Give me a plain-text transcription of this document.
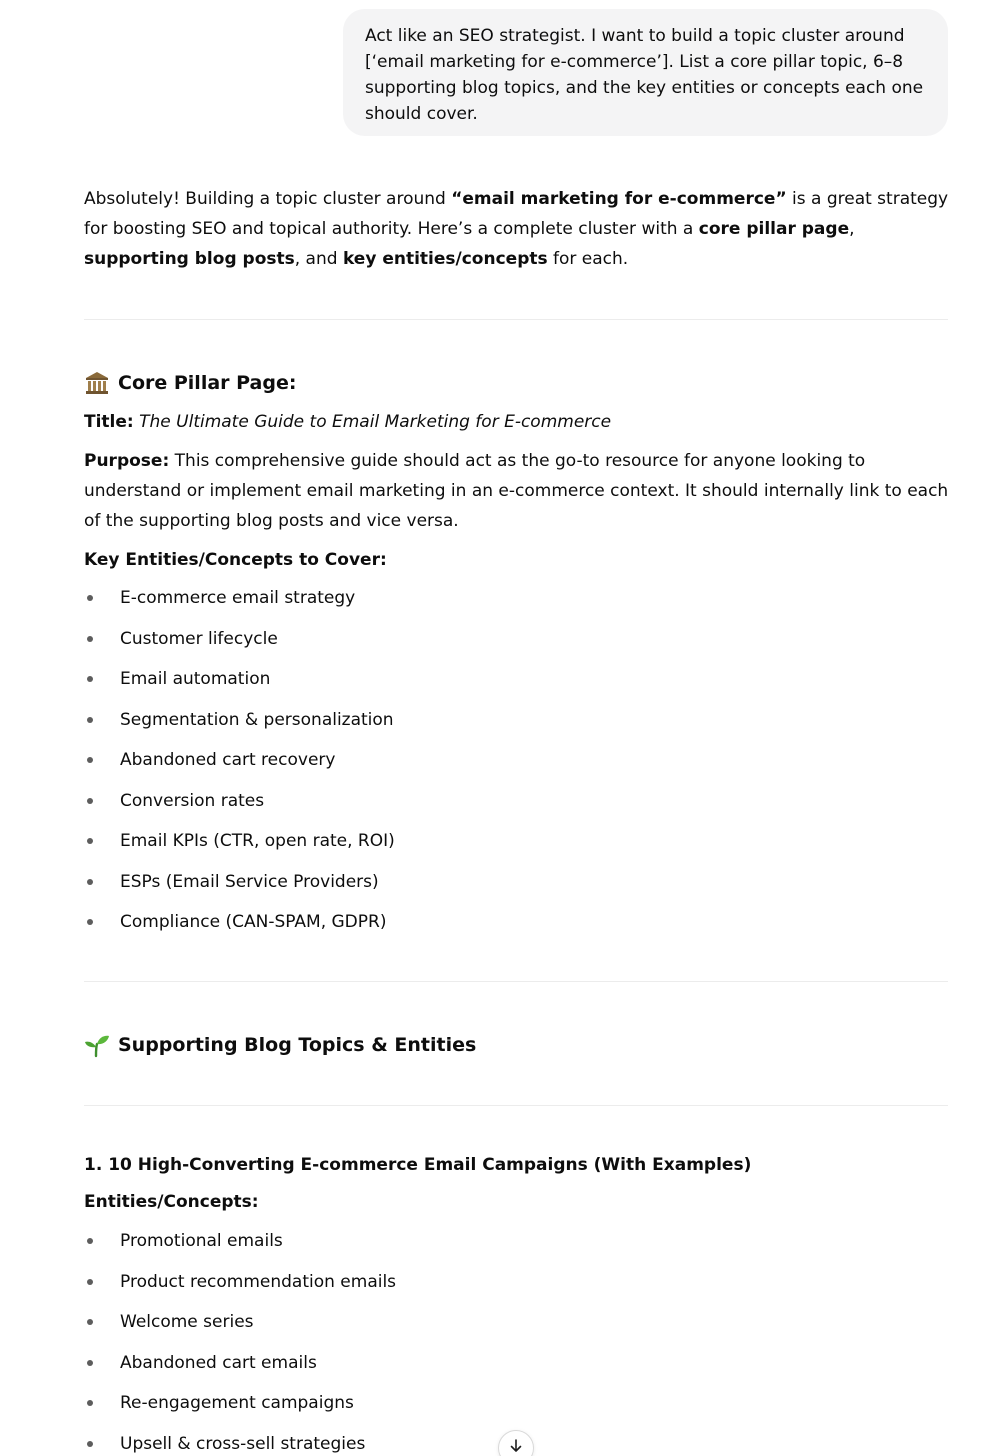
Act like an SEO strategist. I want to build a topic cluster around [‘email marketing for e-commerce’]. List a core pillar topic, 6–8 supporting blog topics, and the key entities or concepts each one should cover.

Absolutely! Building a topic cluster around “email marketing for e-commerce” is a great strategy for boosting SEO and topical authority. Here’s a complete cluster with a core pillar page, supporting blog posts, and key entities/concepts for each.

Core Pillar Page:

Title: The Ultimate Guide to Email Marketing for E-commerce

Purpose: This comprehensive guide should act as the go-to resource for anyone looking to understand or implement email marketing in an e-commerce context. It should internally link to each of the supporting blog posts and vice versa.

Key Entities/Concepts to Cover:

E-commerce email strategy
Customer lifecycle
Email automation
Segmentation & personalization
Abandoned cart recovery
Conversion rates
Email KPIs (CTR, open rate, ROI)
ESPs (Email Service Providers)
Compliance (CAN-SPAM, GDPR)
Supporting Blog Topics & Entities

1. 10 High-Converting E-commerce Email Campaigns (With Examples)

Entities/Concepts:

Promotional emails
Product recommendation emails
Welcome series
Abandoned cart emails
Re-engagement campaigns
Upsell & cross-sell strategies
